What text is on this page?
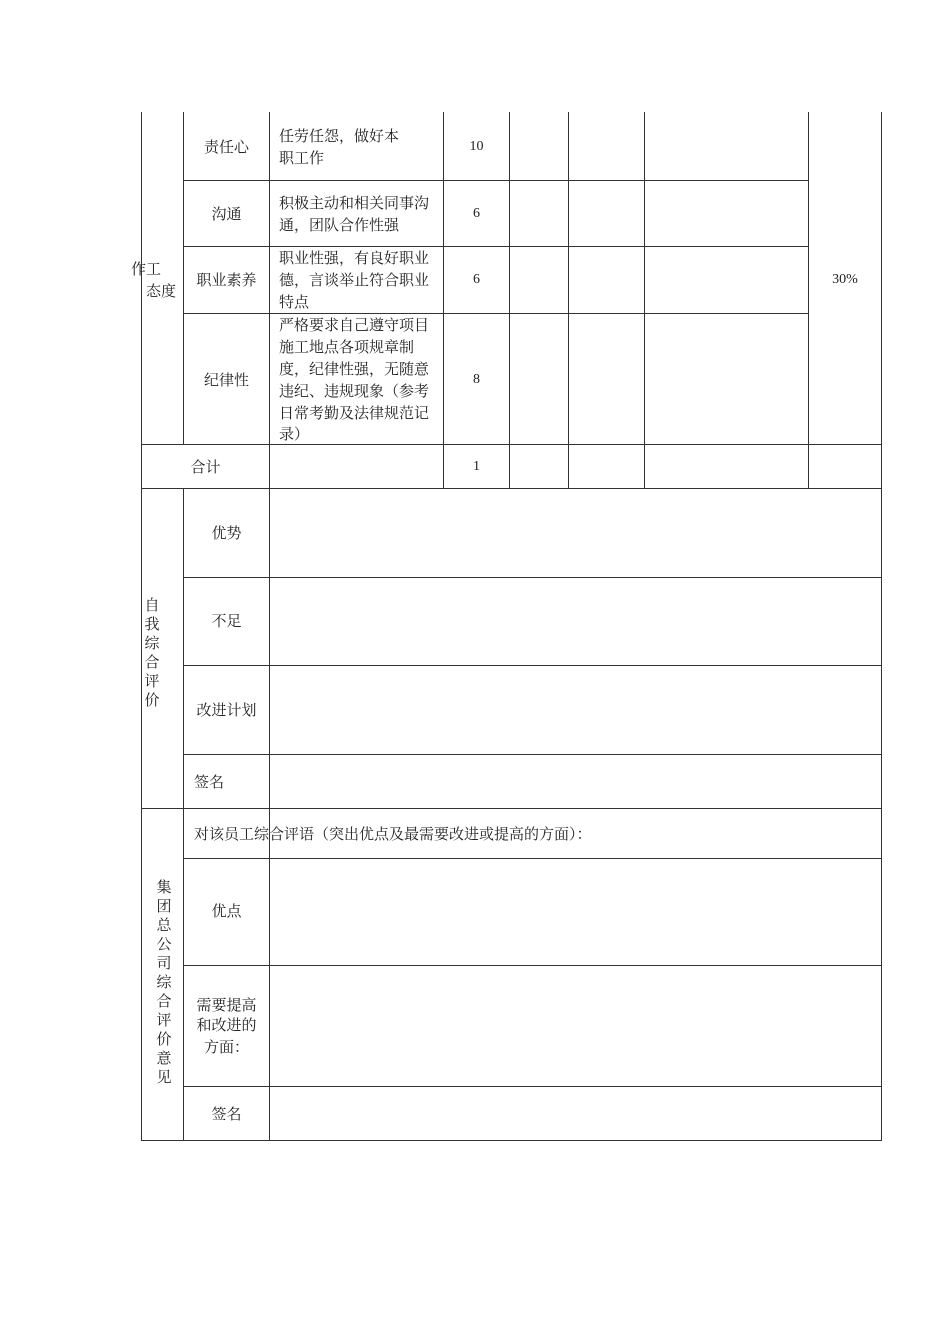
作工
态度
30%
责任心
任劳任怨，做好本
职工作
10
沟通
积极主动和相关同事沟
通，团队合作性强
6
职业素养
职业性强，有良好职业
德，言谈举止符合职业
特点
6
纪律性
严格要求自己遵守项目
施工地点各项规章制
度，纪律性强，无随意
违纪、违规现象（参考
日常考勤及法律规范记
录）
8
合计	1
自我综合评价
优势
不足
改进计划
签名
集团总公司综合评价意见
对该员工综合评语（突出优点及最需要改进或提高的方面）：
优点
需要提高
和改进的
方面：
签名
